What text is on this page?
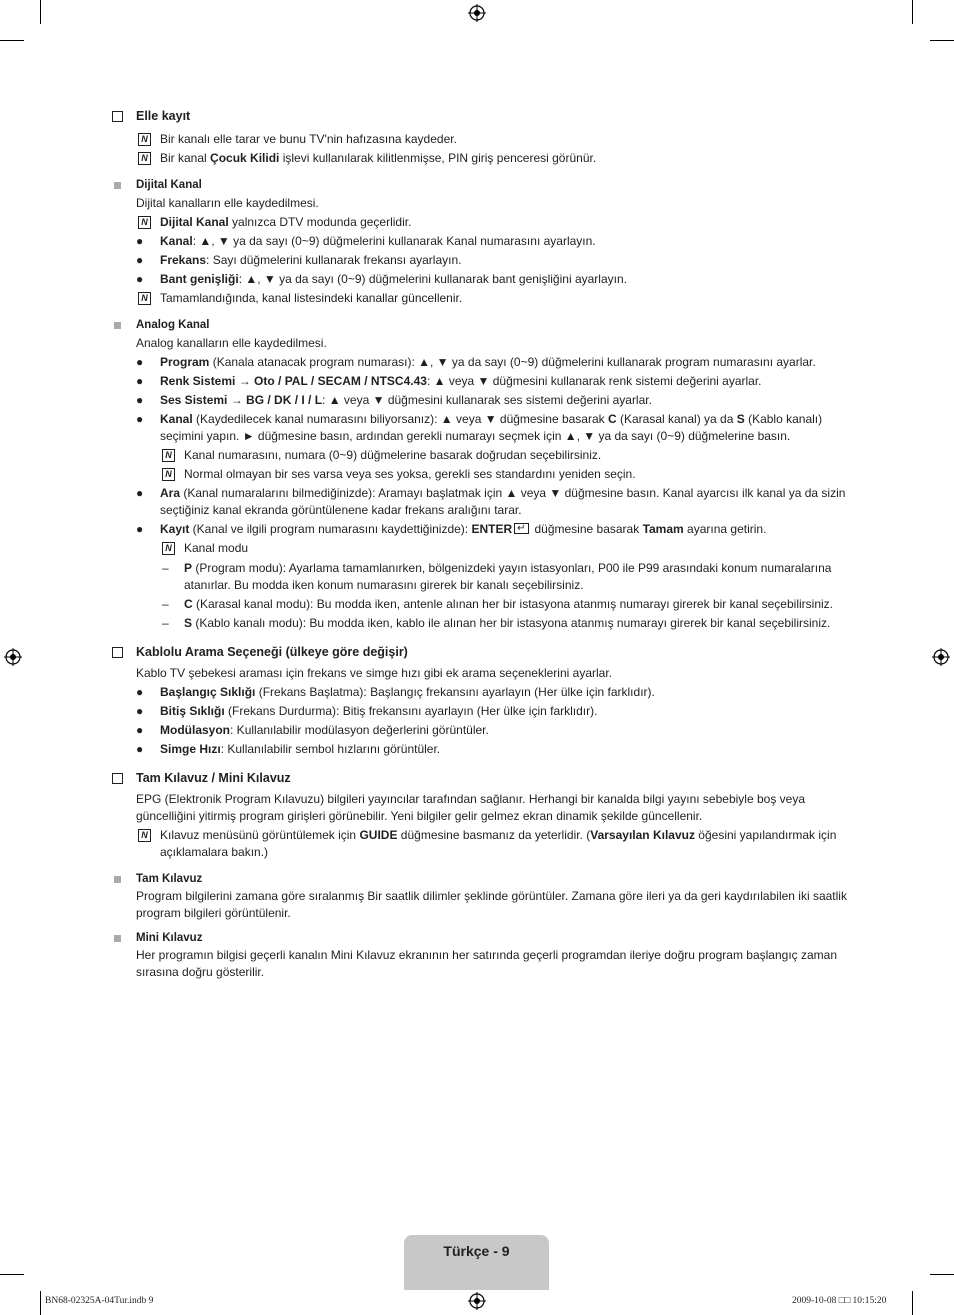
Elle kayıt
N Bir kanalı elle tarar ve bunu TV'nin hafızasına kaydeder.
N Bir kanal Çocuk Kilidi işlevi kullanılarak kilitlenmişse, PIN giriş penceresi görünür.
Dijital Kanal
Dijital kanalların elle kaydedilmesi.
N Dijital Kanal yalnızca DTV modunda geçerlidir.
● Kanal: ▲, ▼ ya da sayı (0~9) düğmelerini kullanarak Kanal numarasını ayarlayın.
● Frekans: Sayı düğmelerini kullanarak frekansı ayarlayın.
● Bant genişliği: ▲, ▼ ya da sayı (0~9) düğmelerini kullanarak bant genişliğini ayarlayın.
N Tamamlandığında, kanal listesindeki kanallar güncellenir.
Analog Kanal
Analog kanalların elle kaydedilmesi.
● Program (Kanala atanacak program numarası): ▲, ▼ ya da sayı (0~9) düğmelerini kullanarak program numarasını ayarlar.
● Renk Sistemi → Oto / PAL / SECAM / NTSC4.43: ▲ veya ▼ düğmesini kullanarak renk sistemi değerini ayarlar.
● Ses Sistemi → BG / DK / I / L: ▲ veya ▼ düğmesini kullanarak ses sistemi değerini ayarlar.
● Kanal (Kaydedilecek kanal numarasını biliyorsanız): ▲ veya ▼ düğmesine basarak C (Karasal kanal) ya da S (Kablo kanalı) seçimini yapın. ► düğmesine basın, ardından gerekli numarayı seçmek için ▲, ▼ ya da sayı (0~9) düğmelerine basın.
N Kanal numarasını, numara (0~9) düğmelerine basarak doğrudan seçebilirsiniz.
N Normal olmayan bir ses varsa veya ses yoksa, gerekli ses standardını yeniden seçin.
● Ara (Kanal numaralarını bilmediğinizde): Aramayı başlatmak için ▲ veya ▼ düğmesine basın. Kanal ayarcısı ilk kanal ya da sizin seçtiğiniz kanal ekranda görüntülenene kadar frekans aralığını tarar.
● Kayıt (Kanal ve ilgili program numarasını kaydettiğinizde): ENTER↵ düğmesine basarak Tamam ayarına getirin.
N Kanal modu
– P (Program modu): Ayarlama tamamlanırken, bölgenizdeki yayın istasyonları, P00 ile P99 arasındaki konum numaralarına atanırlar. Bu modda iken konum numarasını girerek bir kanalı seçebilirsiniz.
– C (Karasal kanal modu): Bu modda iken, antenle alınan her bir istasyona atanmış numarayı girerek bir kanal seçebilirsiniz.
– S (Kablo kanalı modu): Bu modda iken, kablo ile alınan her bir istasyona atanmış numarayı girerek bir kanal seçebilirsiniz.
Kablolu Arama Seçeneği (ülkeye göre değişir)
Kablo TV şebekesi araması için frekans ve simge hızı gibi ek arama seçeneklerini ayarlar.
● Başlangıç Sıklığı (Frekans Başlatma): Başlangıç frekansını ayarlayın (Her ülke için farklıdır).
● Bitiş Sıklığı (Frekans Durdurma): Bitiş frekansını ayarlayın (Her ülke için farklıdır).
● Modülasyon: Kullanılabilir modülasyon değerlerini görüntüler.
● Simge Hızı: Kullanılabilir sembol hızlarını görüntüler.
Tam Kılavuz / Mini Kılavuz
EPG (Elektronik Program Kılavuzu) bilgileri yayıncılar tarafından sağlanır. Herhangi bir kanalda bilgi yayını sebebiyle boş veya güncelliğini yitirmiş program girişleri görünebilir. Yeni bilgiler gelir gelmez ekran dinamik şekilde güncellenir.
N Kılavuz menüsünü görüntülemek için GUIDE düğmesine basmanız da yeterlidir. (Varsayılan Kılavuz öğesini yapılandırmak için açıklamalara bakın.)
Tam Kılavuz
Program bilgilerini zamana göre sıralanmış Bir saatlik dilimler şeklinde görüntüler. Zamana göre ileri ya da geri kaydırılabilen iki saatlik program bilgileri görüntülenir.
Mini Kılavuz
Her programın bilgisi geçerli kanalın Mini Kılavuz ekranının her satırında geçerli programdan ileriye doğru program başlangıç zaman sırasına doğru gösterilir.
Türkçe - 9
BN68-02325A-04Tur.indb 9	2009-10-08 □□ 10:15:20
